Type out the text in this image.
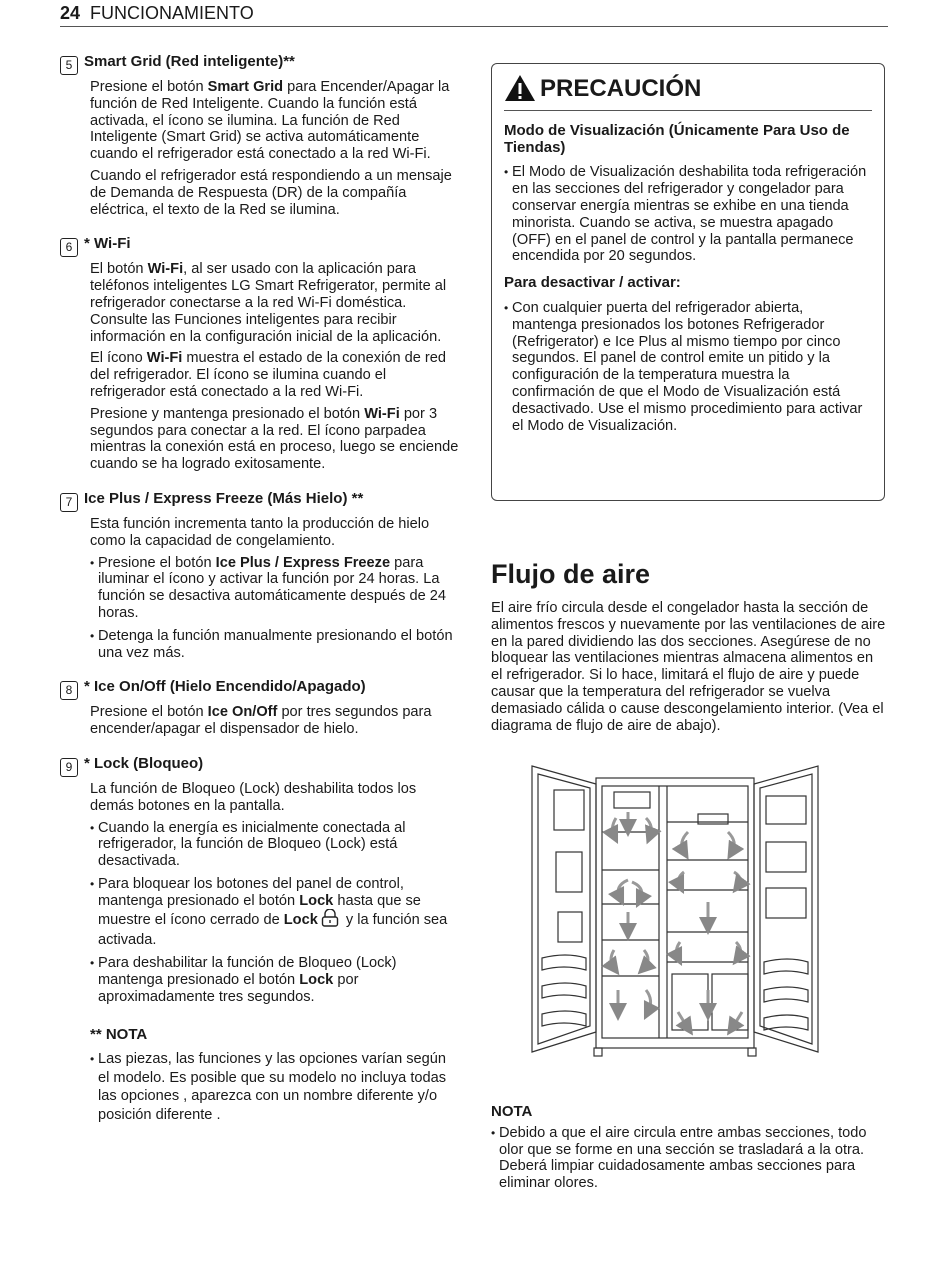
24 FUNCIONAMIENTO
5 Smart Grid (Red inteligente)**
Presione el botón Smart Grid para Encender/Apagar la función de Red Inteligente. Cuando la función está activada, el ícono se ilumina. La función de Red Inteligente (Smart Grid) se activa automáticamente cuando el refrigerador está conectado a la red Wi-Fi.
Cuando el refrigerador está respondiendo a un mensaje de Demanda de Respuesta (DR) de la compañía eléctrica, el texto de la Red se ilumina.
6 * Wi-Fi
El botón Wi-Fi, al ser usado con la aplicación para teléfonos inteligentes LG Smart Refrigerator, permite al refrigerador conectarse a la red Wi-Fi doméstica. Consulte las Funciones inteligentes para recibir información en la configuración inicial de la aplicación.
El ícono Wi-Fi muestra el estado de la conexión de red del refrigerador. El ícono se ilumina cuando el refrigerador está conectado a la red Wi-Fi.
Presione y mantenga presionado el botón Wi-Fi por 3 segundos para conectar a la red. El ícono parpadea mientras la conexión está en proceso, luego se enciende cuando se ha logrado exitosamente.
7 Ice Plus / Express Freeze (Más Hielo) **
Esta función incrementa tanto la producción de hielo como la capacidad de congelamiento.
• Presione el botón Ice Plus / Express Freeze para iluminar el ícono y activar la función por 24 horas. La función se desactiva automáticamente después de 24 horas.
• Detenga la función manualmente presionando el botón una vez más.
8 * Ice On/Off (Hielo Encendido/Apagado)
Presione el botón Ice On/Off por tres segundos para encender/apagar el dispensador de hielo.
9 * Lock (Bloqueo)
La función de Bloqueo (Lock) deshabilita todos los demás botones en la pantalla.
• Cuando la energía es inicialmente conectada al refrigerador, la función de Bloqueo (Lock) está desactivada.
• Para bloquear los botones del panel de control, mantenga presionado el botón Lock hasta que se muestre el ícono cerrado de Lock y la función sea activada.
• Para deshabilitar la función de Bloqueo (Lock) mantenga presionado el botón Lock por aproximadamente tres segundos.
** NOTA
• Las piezas, las funciones y las opciones varían según el modelo. Es posible que su modelo no incluya todas las opciones , aparezca con un nombre diferente y/o posición diferente .
PRECAUCIÓN
Modo de Visualización (Únicamente Para Uso de Tiendas)
• El Modo de Visualización deshabilita toda refrigeración en las secciones del refrigerador y congelador para conservar energía mientras se exhibe en una tienda minorista. Cuando se activa, se muestra apagado (OFF) en el panel de control y la pantalla permanece encendida por 20 segundos.
Para desactivar / activar:
• Con cualquier puerta del refrigerador abierta, mantenga presionados los botones Refrigerador (Refrigerator) e Ice Plus al mismo tiempo por cinco segundos. El panel de control emite un pitido y la configuración de la temperatura muestra la confirmación de que el Modo de Visualización está desactivado. Use el mismo procedimiento para activar el Modo de Visualización.
Flujo de aire
El aire frío circula desde el congelador hasta la sección de alimentos frescos y nuevamente por las ventilaciones de aire en la pared dividiendo las dos secciones. Asegúrese de no bloquear las ventilaciones mientras almacena alimentos en el refrigerador. Si lo hace, limitará el flujo de aire y puede causar que la temperatura del refrigerador se vuelva demasiado cálida o cause descongelamiento interior. (Vea el diagrama de flujo de aire de abajo).
NOTA
• Debido a que el aire circula entre ambas secciones, todo olor que se forme en una sección se trasladará a la otra. Deberá limpiar cuidadosamente ambas secciones para eliminar olores.
